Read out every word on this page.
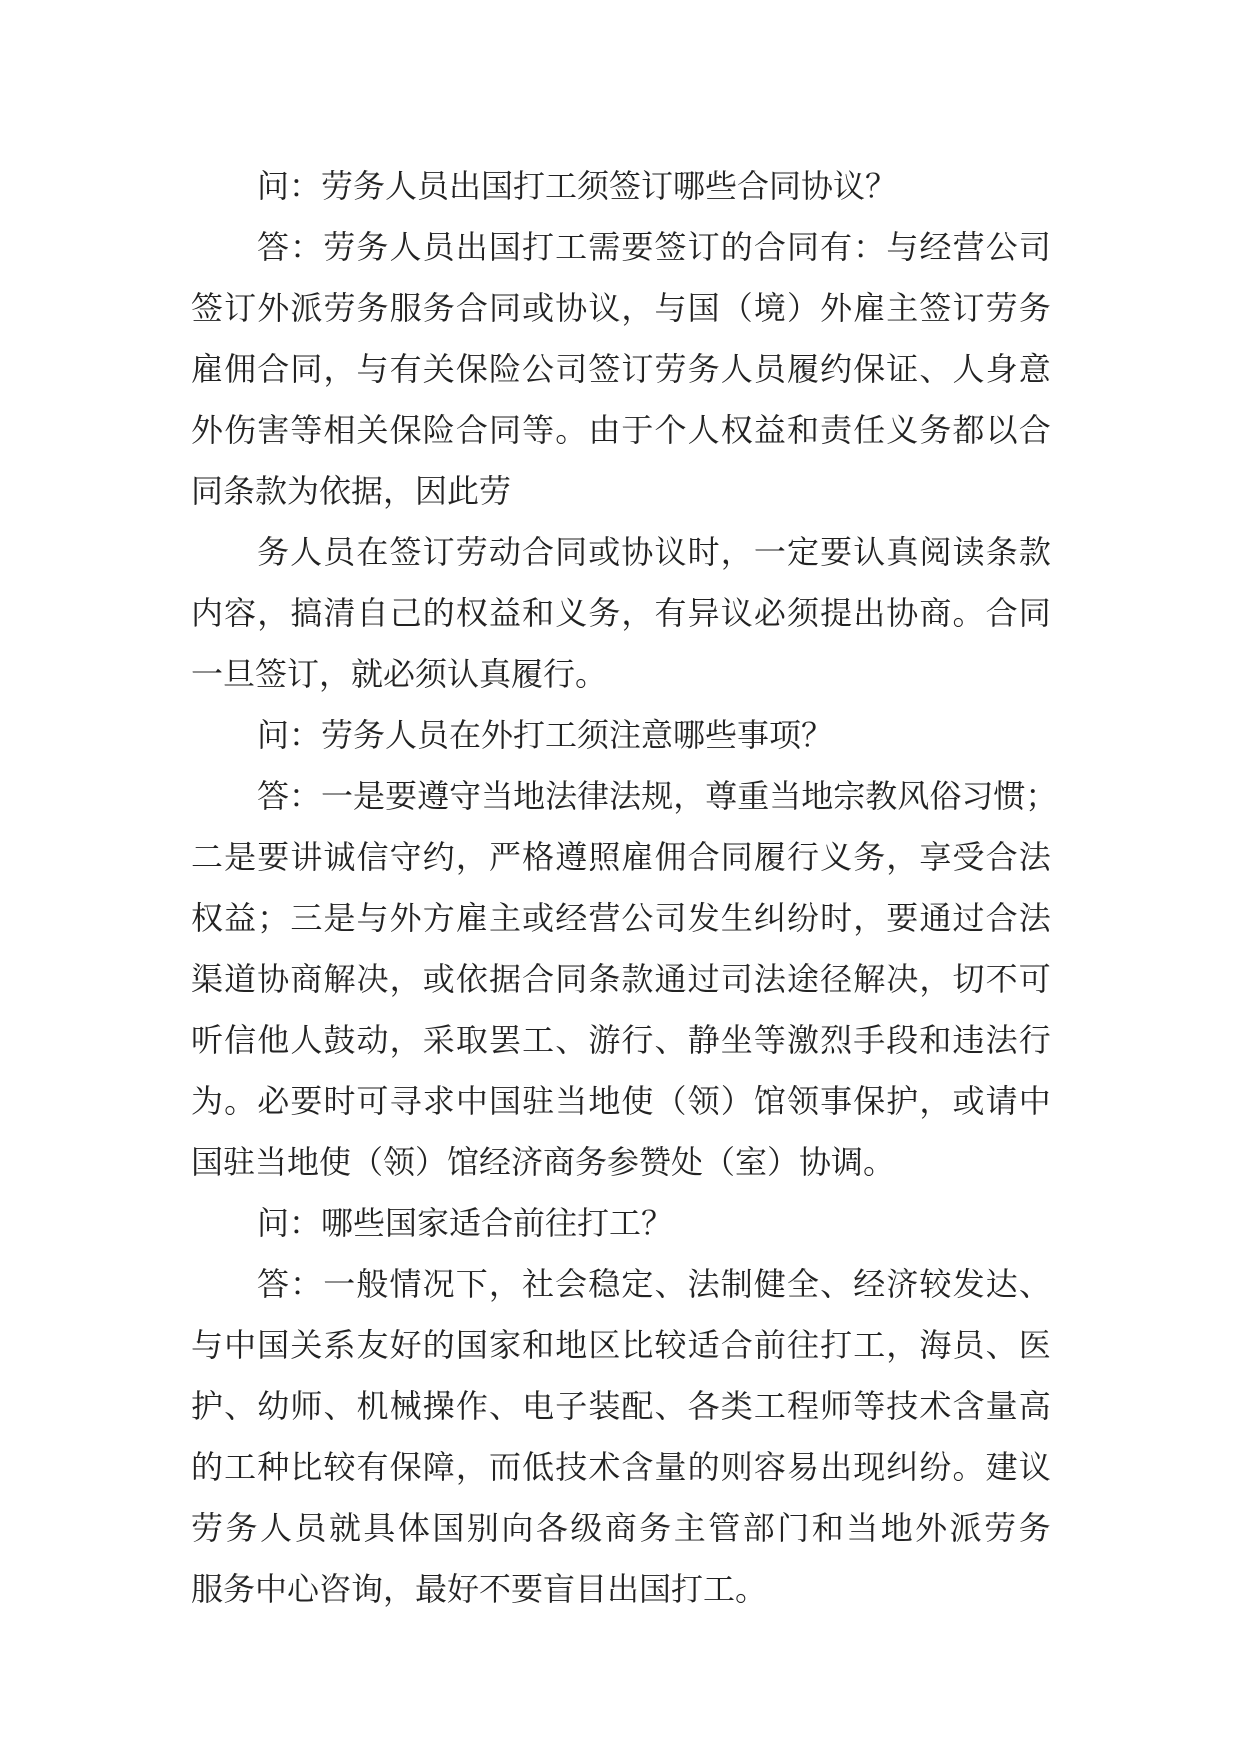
问：劳务人员出国打工须签订哪些合同协议？
答 ： 劳 务 人 员 出 国 打 工 需 要 签 订 的 合 同 有 ： 与 经 营 公 司
签 订 外 派 劳 务 服 务 合 同 或 协 议 ， 与 国 （ 境 ） 外 雇 主 签 订 劳 务
雇 佣 合 同 ， 与 有 关 保 险 公 司 签 订 劳 务 人 员 履 约 保 证 、 人 身 意
外 伤 害 等 相 关 保 险 合 同 等 。 由 于 个 人 权 益 和 责 任 义 务 都 以 合
同条款为依据，因此劳
务 人 员 在 签 订 劳 动 合 同 或 协 议 时 ， 一 定 要 认 真 阅 读 条 款
内 容 ， 搞 清 自 己 的 权 益 和 义 务 ， 有 异 议 必 须 提 出 协 商 。 合 同
一旦签订，就必须认真履行。
问：劳务人员在外打工须注意哪些事项？
答 ： 一 是 要 遵 守 当 地 法 律 法 规 ， 尊 重 当 地 宗 教 风 俗 习 惯 ；
二 是 要 讲 诚 信 守 约 ， 严 格 遵 照 雇 佣 合 同 履 行 义 务 ， 享 受 合 法
权 益 ； 三 是 与 外 方 雇 主 或 经 营 公 司 发 生 纠 纷 时 ， 要 通 过 合 法
渠 道 协 商 解 决 ， 或 依 据 合 同 条 款 通 过 司 法 途 径 解 决 ， 切 不 可
听 信 他 人 鼓 动 ， 采 取 罢 工 、 游 行 、 静 坐 等 激 烈 手 段 和 违 法 行
为 。 必 要 时 可 寻 求 中 国 驻 当 地 使 （ 领 ） 馆 领 事 保 护 ， 或 请 中
国驻当地使（领）馆经济商务参赞处（室）协调。
问：哪些国家适合前往打工？
答 ： 一 般 情 况 下 ， 社 会 稳 定 、 法 制 健 全 、 经 济 较 发 达 、
与 中 国 关 系 友 好 的 国 家 和 地 区 比 较 适 合 前 往 打 工 ， 海 员 、 医
护 、 幼 师 、 机 械 操 作 、 电 子 装 配 、 各 类 工 程 师 等 技 术 含 量 高
的 工 种 比 较 有 保 障 ， 而 低 技 术 含 量 的 则 容 易 出 现 纠 纷 。 建 议
劳 务 人 员 就 具 体 国 别 向 各 级 商 务 主 管 部 门 和 当 地 外 派 劳 务
服务中心咨询，最好不要盲目出国打工。
